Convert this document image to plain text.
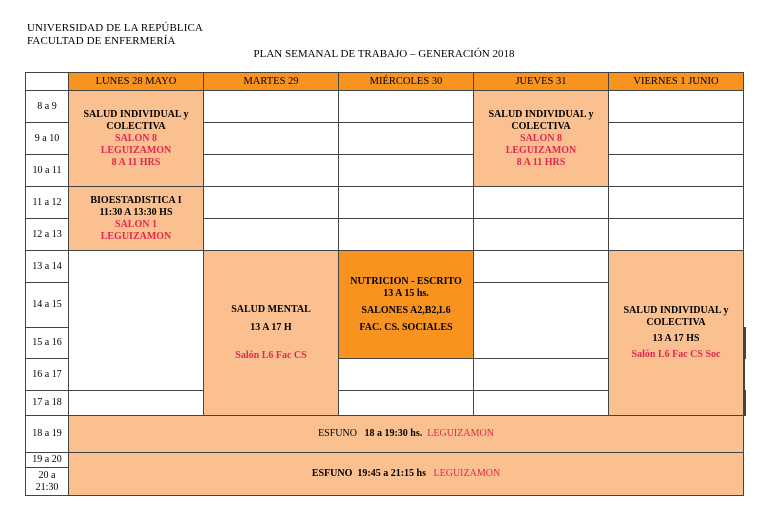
UNIVERSIDAD DE LA REPÚBLICA
FACULTAD DE ENFERMERÍA
PLAN SEMANAL DE TRABAJO – GENERACIÓN 2018
	LUNES 28 MAYO	MARTES 29	MIÉRCOLES 30	JUEVES 31	VIERNES 1 JUNIO	
8 a 9	SALUD INDIVIDUAL y
COLECTIVA
SALON 8
LEGUIZAMON
8 A 11 HRS			SALUD INDIVIDUAL y
COLECTIVA
SALON 8
LEGUIZAMON
8 A 11 HRS		

9 a 10						
10 a 11						
11 a 12	BIOESTADISTICA I
11:30 A 13:30 HS
SALON 1
LEGUIZAMON					

12 a 13						
13 a 14		SALUD MENTAL
13 A 17 H
Salón L6 Fac CS	NUTRICION - ESCRITO
13 A 15 hs.
SALONES A2,B2,L6
FAC. CS. SOCIALES		SALUD INDIVIDUAL y
COLECTIVA
13 A 17 HS
Salón L6 Fac CS Soc	

14 a 15						
15 a 16						
16 a 17						
17 a 18						
18 a 19	ESFUNO 18 a 19:30 hs. LEGUIZAMON					
19 a 20	ESFUNO 19:45 a 21:15 hs LEGUIZAMON					
20 a 21:30						
